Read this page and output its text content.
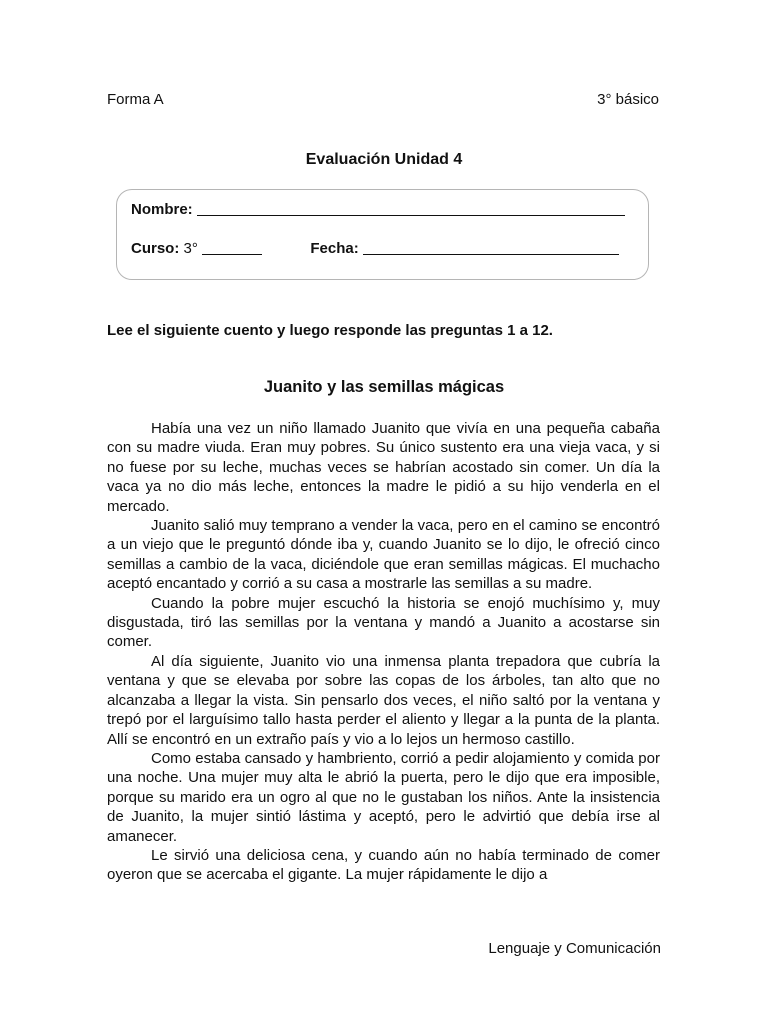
Forma A	3° básico
Evaluación Unidad 4
Nombre:
Curso: 3°	Fecha:
Lee el siguiente cuento y luego responde las preguntas 1 a 12.
Juanito y las semillas mágicas

Había una vez un niño llamado Juanito que vivía en una pequeña cabaña con su madre viuda. Eran muy pobres. Su único sustento era una vieja vaca, y si no fuese por su leche, muchas veces se habrían acostado sin comer. Un día la vaca ya no dio más leche, entonces la madre le pidió a su hijo venderla en el mercado.

Juanito salió muy temprano a vender la vaca, pero en el camino se encontró a un viejo que le preguntó dónde iba y, cuando Juanito se lo dijo, le ofreció cinco semillas a cambio de la vaca, diciéndole que eran semillas mágicas. El muchacho aceptó encantado y corrió a su casa a mostrarle las semillas a su madre.

Cuando la pobre mujer escuchó la historia se enojó muchísimo y, muy disgustada, tiró las semillas por la ventana y mandó a Juanito a acostarse sin comer.

Al día siguiente, Juanito vio una inmensa planta trepadora que cubría la ventana y que se elevaba por sobre las copas de los árboles, tan alto que no alcanzaba a llegar la vista. Sin pensarlo dos veces, el niño saltó por la ventana y trepó por el larguísimo tallo hasta perder el aliento y llegar a la punta de la planta. Allí se encontró en un extraño país y vio a lo lejos un hermoso castillo.

Como estaba cansado y hambriento, corrió a pedir alojamiento y comida por una noche. Una mujer muy alta le abrió la puerta, pero le dijo que era imposible, porque su marido era un ogro al que no le gustaban los niños. Ante la insistencia de Juanito, la mujer sintió lástima y aceptó, pero le advirtió que debía irse al amanecer.

Le sirvió una deliciosa cena, y cuando aún no había terminado de comer oyeron que se acercaba el gigante. La mujer rápidamente le dijo a

Lenguaje y Comunicación
